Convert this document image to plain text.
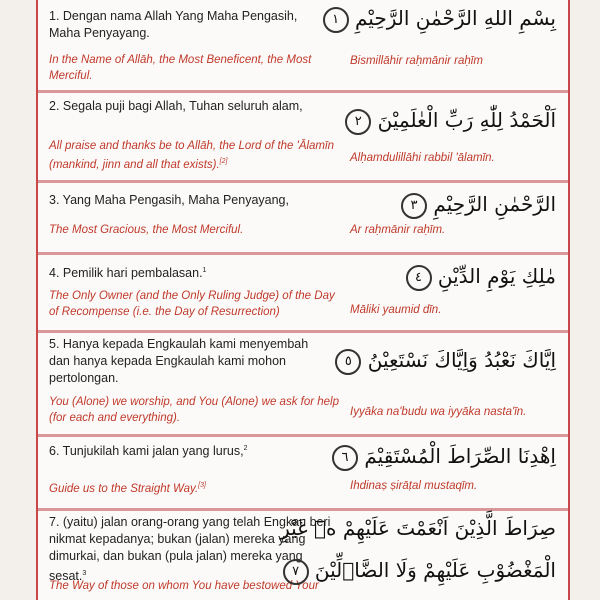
1. Dengan nama Allah Yang Maha Pengasih, Maha Penyayang.
In the Name of Allāh, the Most Beneficent, the Most Merciful.
Bismillāhir raḥmānir raḥīm
بِسْمِ اللهِ الرَّحْمٰنِ الرَّحِيْمِ ١
2. Segala puji bagi Allah, Tuhan seluruh alam,
All praise and thanks be to Allāh, the Lord of the 'Ālamīn (mankind, jinn and all that exists).[2]	Alḥamdulillāhi rabbil 'ālamīn.
اَلْحَمْدُ لِلّٰهِ رَبِّ الْعٰلَمِيْنَ ٢
3. Yang Maha Pengasih, Maha Penyayang,
The Most Gracious, the Most Merciful.	Ar raḥmānir raḥīm.
الرَّحْمٰنِ الرَّحِيْمِ ٣
4. Pemilik hari pembalasan.$^1$
The Only Owner (and the Only Ruling Judge) of the Day of Recompense (i.e. the Day of Resurrection)	Māliki yaumid dīn.
مٰلِكِ يَوْمِ الدِّيْنِ ٤
5. Hanya kepada Engkaulah kami menyembah dan hanya kepada Engkaulah kami mohon pertolongan.
You (Alone) we worship, and You (Alone) we ask for help (for each and everything).	Iyyāka na'budu wa iyyāka nasta'īn.
اِيَّاكَ نَعْبُدُ وَاِيَّاكَ نَسْتَعِيْنُ ٥
6. Tunjukilah kami jalan yang lurus,$^2$
Guide us to the Straight Way.[3]	Ihdinaṣ ṣirāṭal mustaqīm.
اِهْدِنَا الصِّرَاطَ الْمُسْتَقِيْمَ ٦
7. (yaitu) jalan orang-orang yang telah Engkau beri nikmat kepadanya; bukan (jalan) mereka yang dimurkai, dan bukan (pula jalan) mereka yang sesat.$^3$
The Way of those on whom You have bestowed Your
صِرَاطَ الَّذِيْنَ اَنْعَمْتَ عَلَيْهِمْ ەۙ غَيْرِ
الْمَغْضُوْبِ عَلَيْهِمْ وَلَا الضَّاۤلِّيْنَ ٧
